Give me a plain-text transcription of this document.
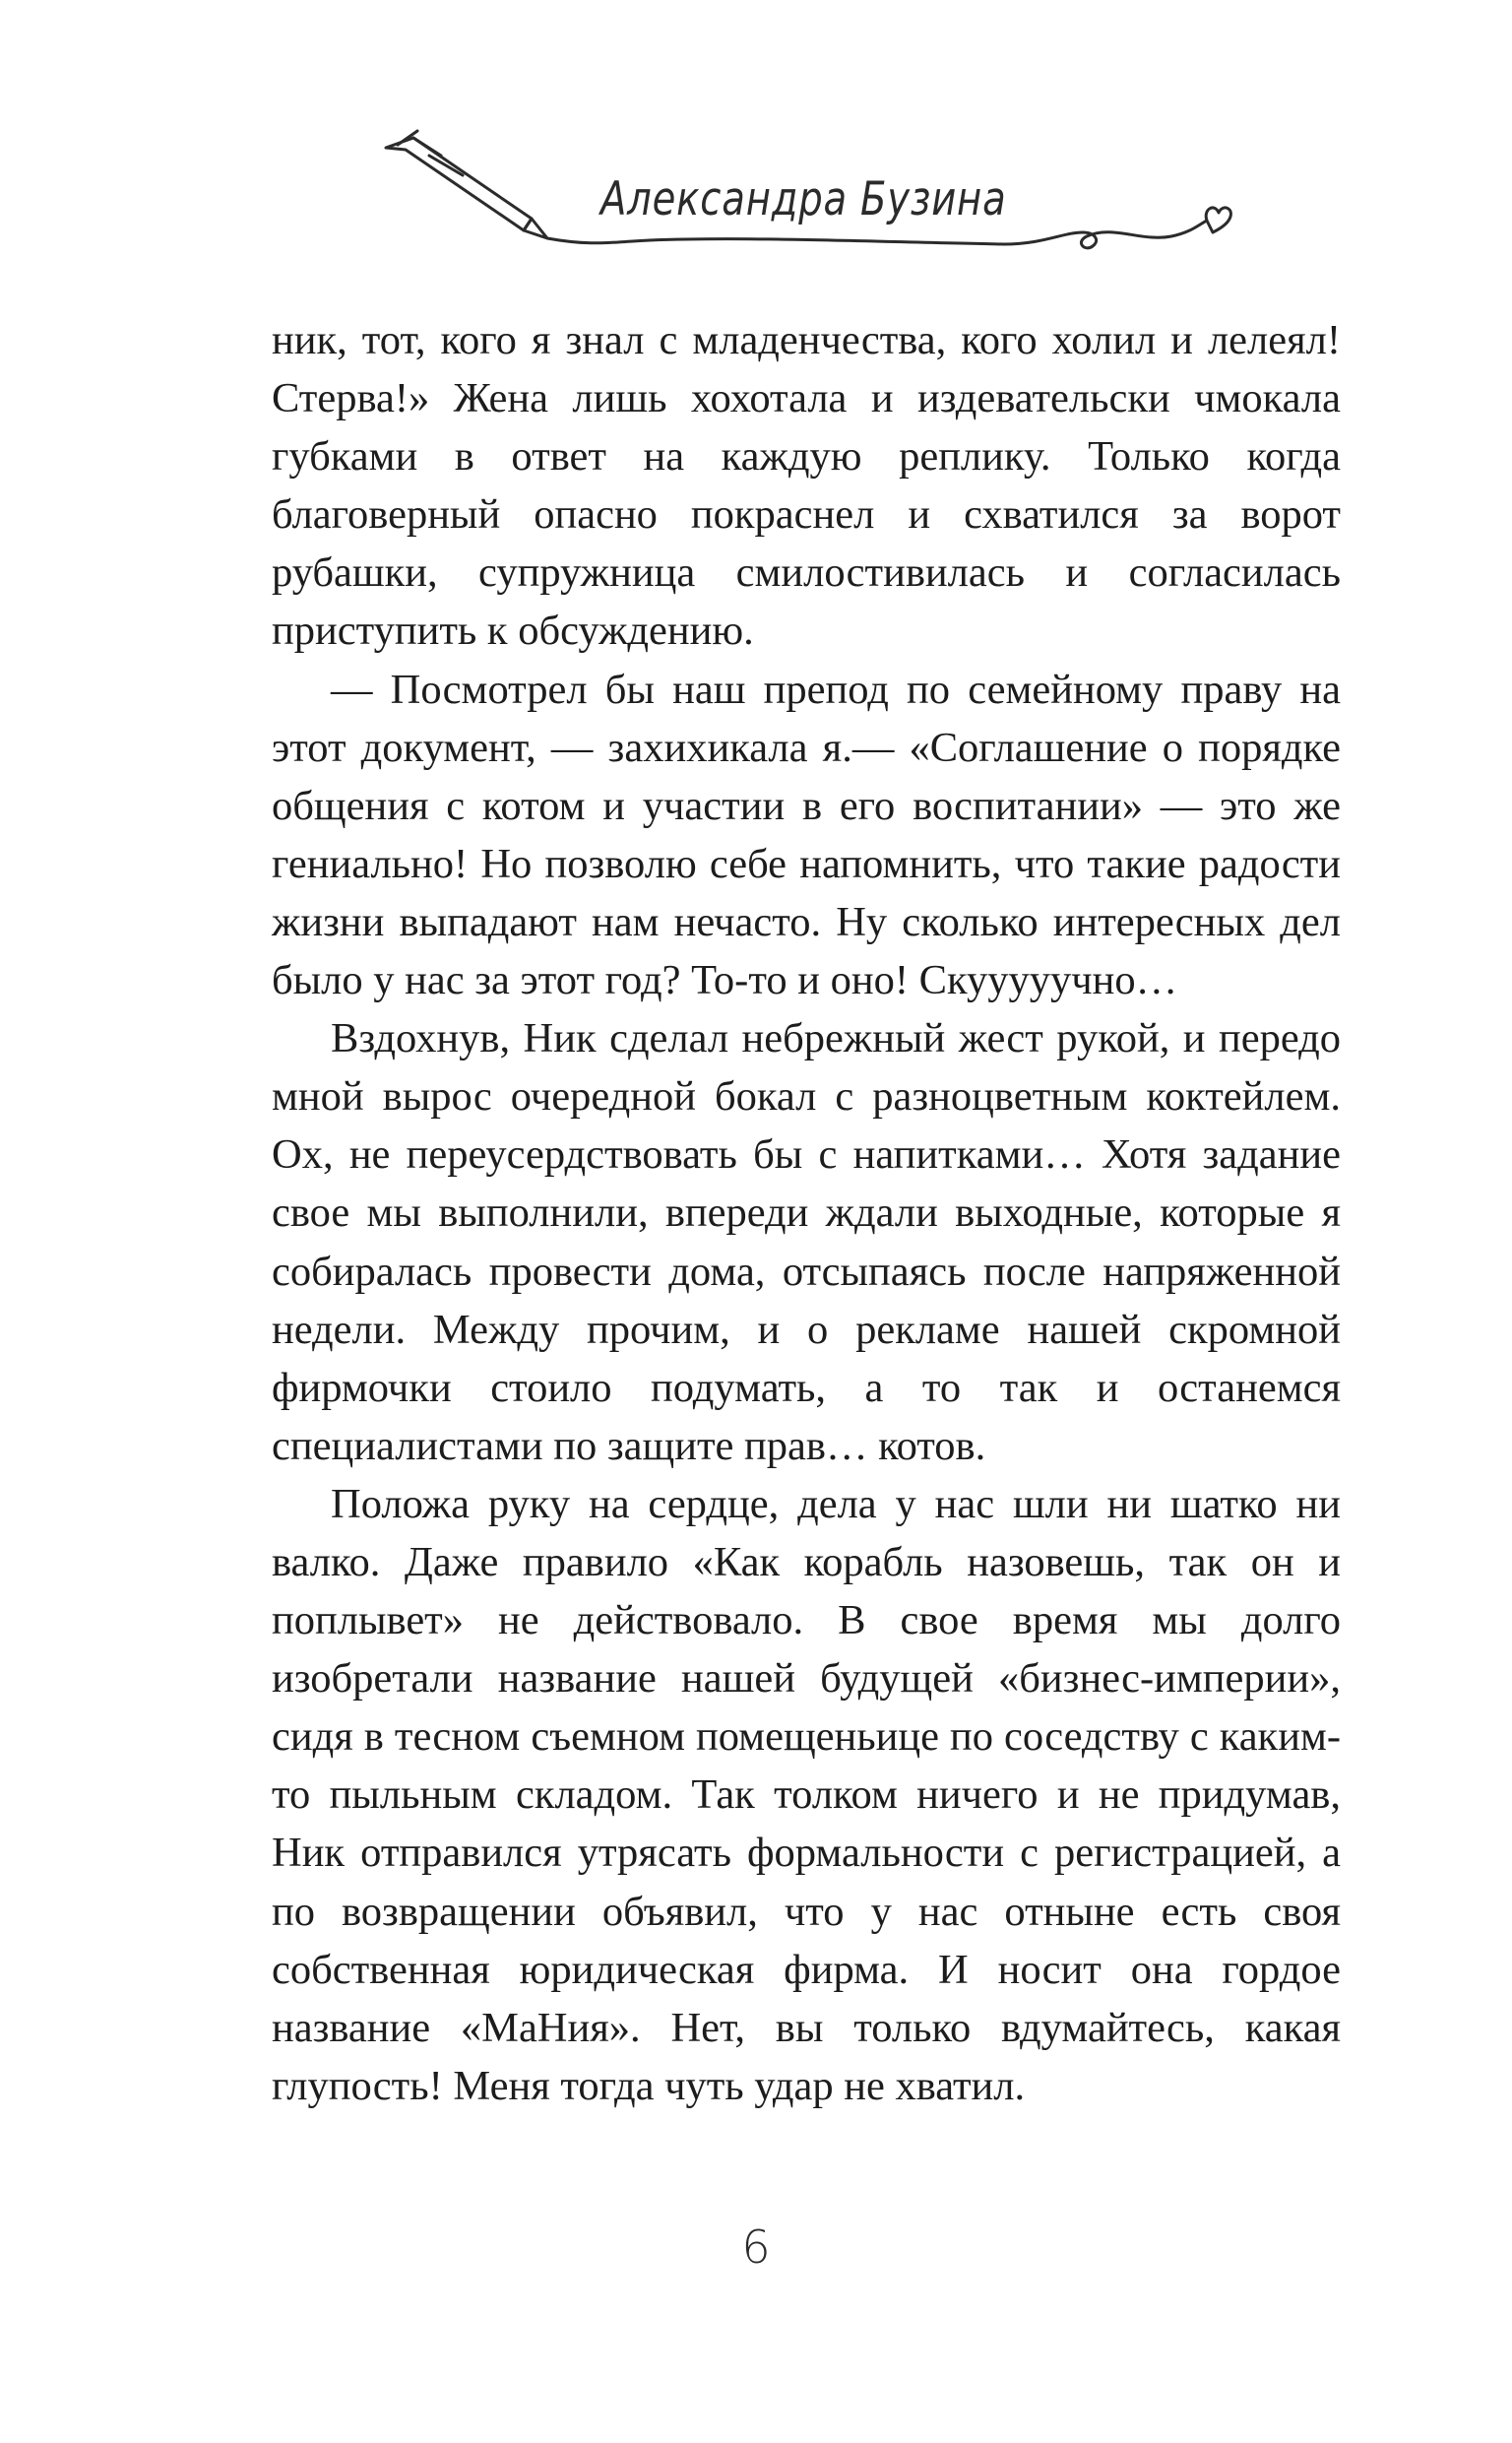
Александра Бузина

ник, тот, кого я знал с младенчества, кого холил и лелеял! Стерва!» Жена лишь хохотала и издевательски чмокала губками в ответ на каждую реплику. Только когда благоверный опасно покраснел и схватился за ворот рубашки, супружница смилостивилась и согласилась приступить к обсуждению.

— Посмотрел бы наш препод по семейному праву на этот документ, — захихикала я.— «Соглашение о порядке общения с котом и участии в его воспитании» — это же гениально! Но позволю себе напомнить, что такие радости жизни выпадают нам нечасто. Ну сколько интересных дел было у нас за этот год? То-то и оно! Скууууучно…

Вздохнув, Ник сделал небрежный жест рукой, и передо мной вырос очередной бокал с разноцветным коктейлем. Ох, не переусердствовать бы с напитками… Хотя задание свое мы выполнили, впереди ждали выходные, которые я собиралась провести дома, отсыпаясь после напряженной недели. Между прочим, и о рекламе нашей скромной фирмочки стоило подумать, а то так и останемся специалистами по защите прав… котов.

Положа руку на сердце, дела у нас шли ни шатко ни валко. Даже правило «Как корабль назовешь, так он и поплывет» не действовало. В свое время мы долго изобретали название нашей будущей «бизнес-империи», сидя в тесном съемном помещеньице по соседству с каким-то пыльным складом. Так толком ничего и не придумав, Ник отправился утрясать формальности с регистрацией, а по возвращении объявил, что у нас отныне есть своя собственная юридическая фирма. И носит она гордое название «МаНия». Нет, вы только вдумайтесь, какая глупость! Меня тогда чуть удар не хватил.

6
